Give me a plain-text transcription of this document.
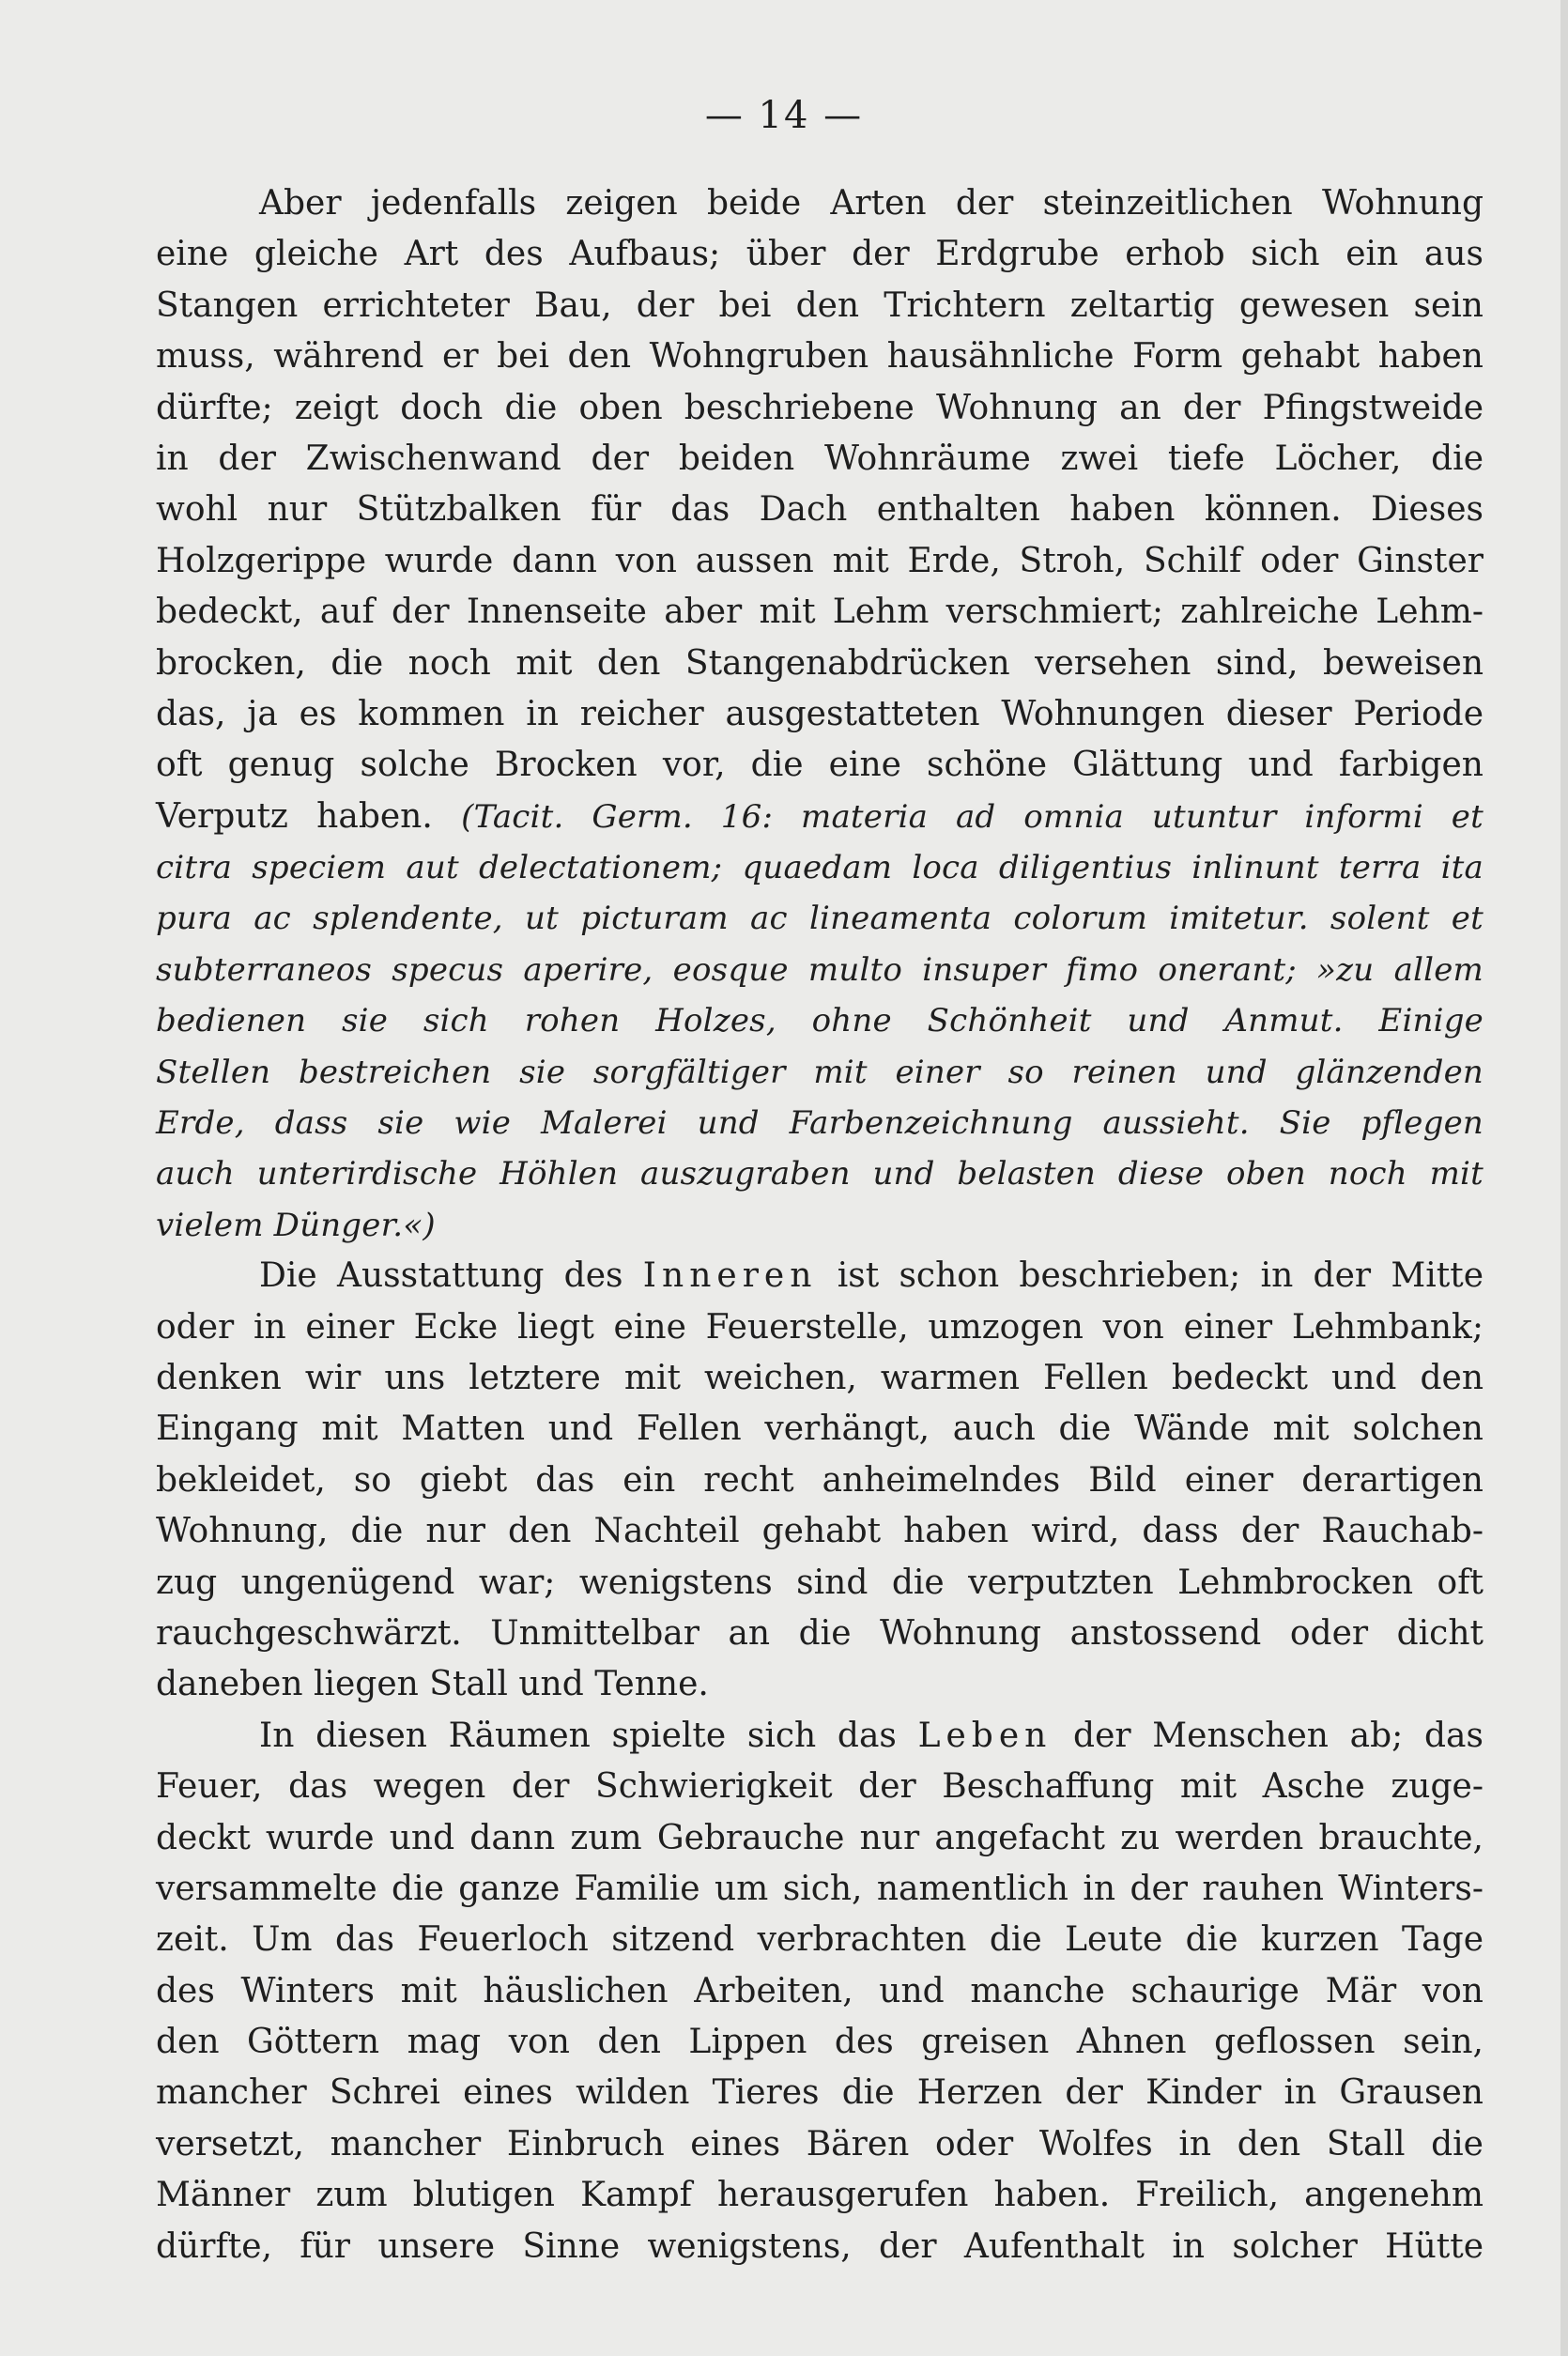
— 14 —
Aber jedenfalls zeigen beide Arten der steinzeitlichen Wohnung
eine gleiche Art des Aufbaus; über der Erdgrube erhob sich ein aus
Stangen errichteter Bau, der bei den Trichtern zeltartig gewesen sein
muss, während er bei den Wohngruben hausähnliche Form gehabt haben
dürfte; zeigt doch die oben beschriebene Wohnung an der Pfingstweide
in der Zwischenwand der beiden Wohnräume zwei tiefe Löcher, die
wohl nur Stützbalken für das Dach enthalten haben können. Dieses
Holzgerippe wurde dann von aussen mit Erde, Stroh, Schilf oder Ginster
bedeckt, auf der Innenseite aber mit Lehm verschmiert; zahlreiche Lehm-
brocken, die noch mit den Stangenabdrücken versehen sind, beweisen
das, ja es kommen in reicher ausgestatteten Wohnungen dieser Periode
oft genug solche Brocken vor, die eine schöne Glättung und farbigen
Verputz haben. (Tacit. Germ. 16: materia ad omnia utuntur informi et
citra speciem aut delectationem; quaedam loca diligentius inlinunt terra ita
pura ac splendente, ut picturam ac lineamenta colorum imitetur. solent et
subterraneos specus aperire, eosque multo insuper fimo onerant; »zu allem
bedienen sie sich rohen Holzes, ohne Schönheit und Anmut. Einige
Stellen bestreichen sie sorgfältiger mit einer so reinen und glänzenden
Erde, dass sie wie Malerei und Farbenzeichnung aussieht. Sie pflegen
auch unterirdische Höhlen auszugraben und belasten diese oben noch mit
vielem Dünger.«)
Die Ausstattung des Inneren ist schon beschrieben; in der Mitte
oder in einer Ecke liegt eine Feuerstelle, umzogen von einer Lehmbank;
denken wir uns letztere mit weichen, warmen Fellen bedeckt und den
Eingang mit Matten und Fellen verhängt, auch die Wände mit solchen
bekleidet, so giebt das ein recht anheimelndes Bild einer derartigen
Wohnung, die nur den Nachteil gehabt haben wird, dass der Rauchab-
zug ungenügend war; wenigstens sind die verputzten Lehmbrocken oft
rauchgeschwärzt. Unmittelbar an die Wohnung anstossend oder dicht
daneben liegen Stall und Tenne.
In diesen Räumen spielte sich das Leben der Menschen ab; das
Feuer, das wegen der Schwierigkeit der Beschaffung mit Asche zuge-
deckt wurde und dann zum Gebrauche nur angefacht zu werden brauchte,
versammelte die ganze Familie um sich, namentlich in der rauhen Winters-
zeit. Um das Feuerloch sitzend verbrachten die Leute die kurzen Tage
des Winters mit häuslichen Arbeiten, und manche schaurige Mär von
den Göttern mag von den Lippen des greisen Ahnen geflossen sein,
mancher Schrei eines wilden Tieres die Herzen der Kinder in Grausen
versetzt, mancher Einbruch eines Bären oder Wolfes in den Stall die
Männer zum blutigen Kampf herausgerufen haben. Freilich, angenehm
dürfte, für unsere Sinne wenigstens, der Aufenthalt in solcher Hütte
